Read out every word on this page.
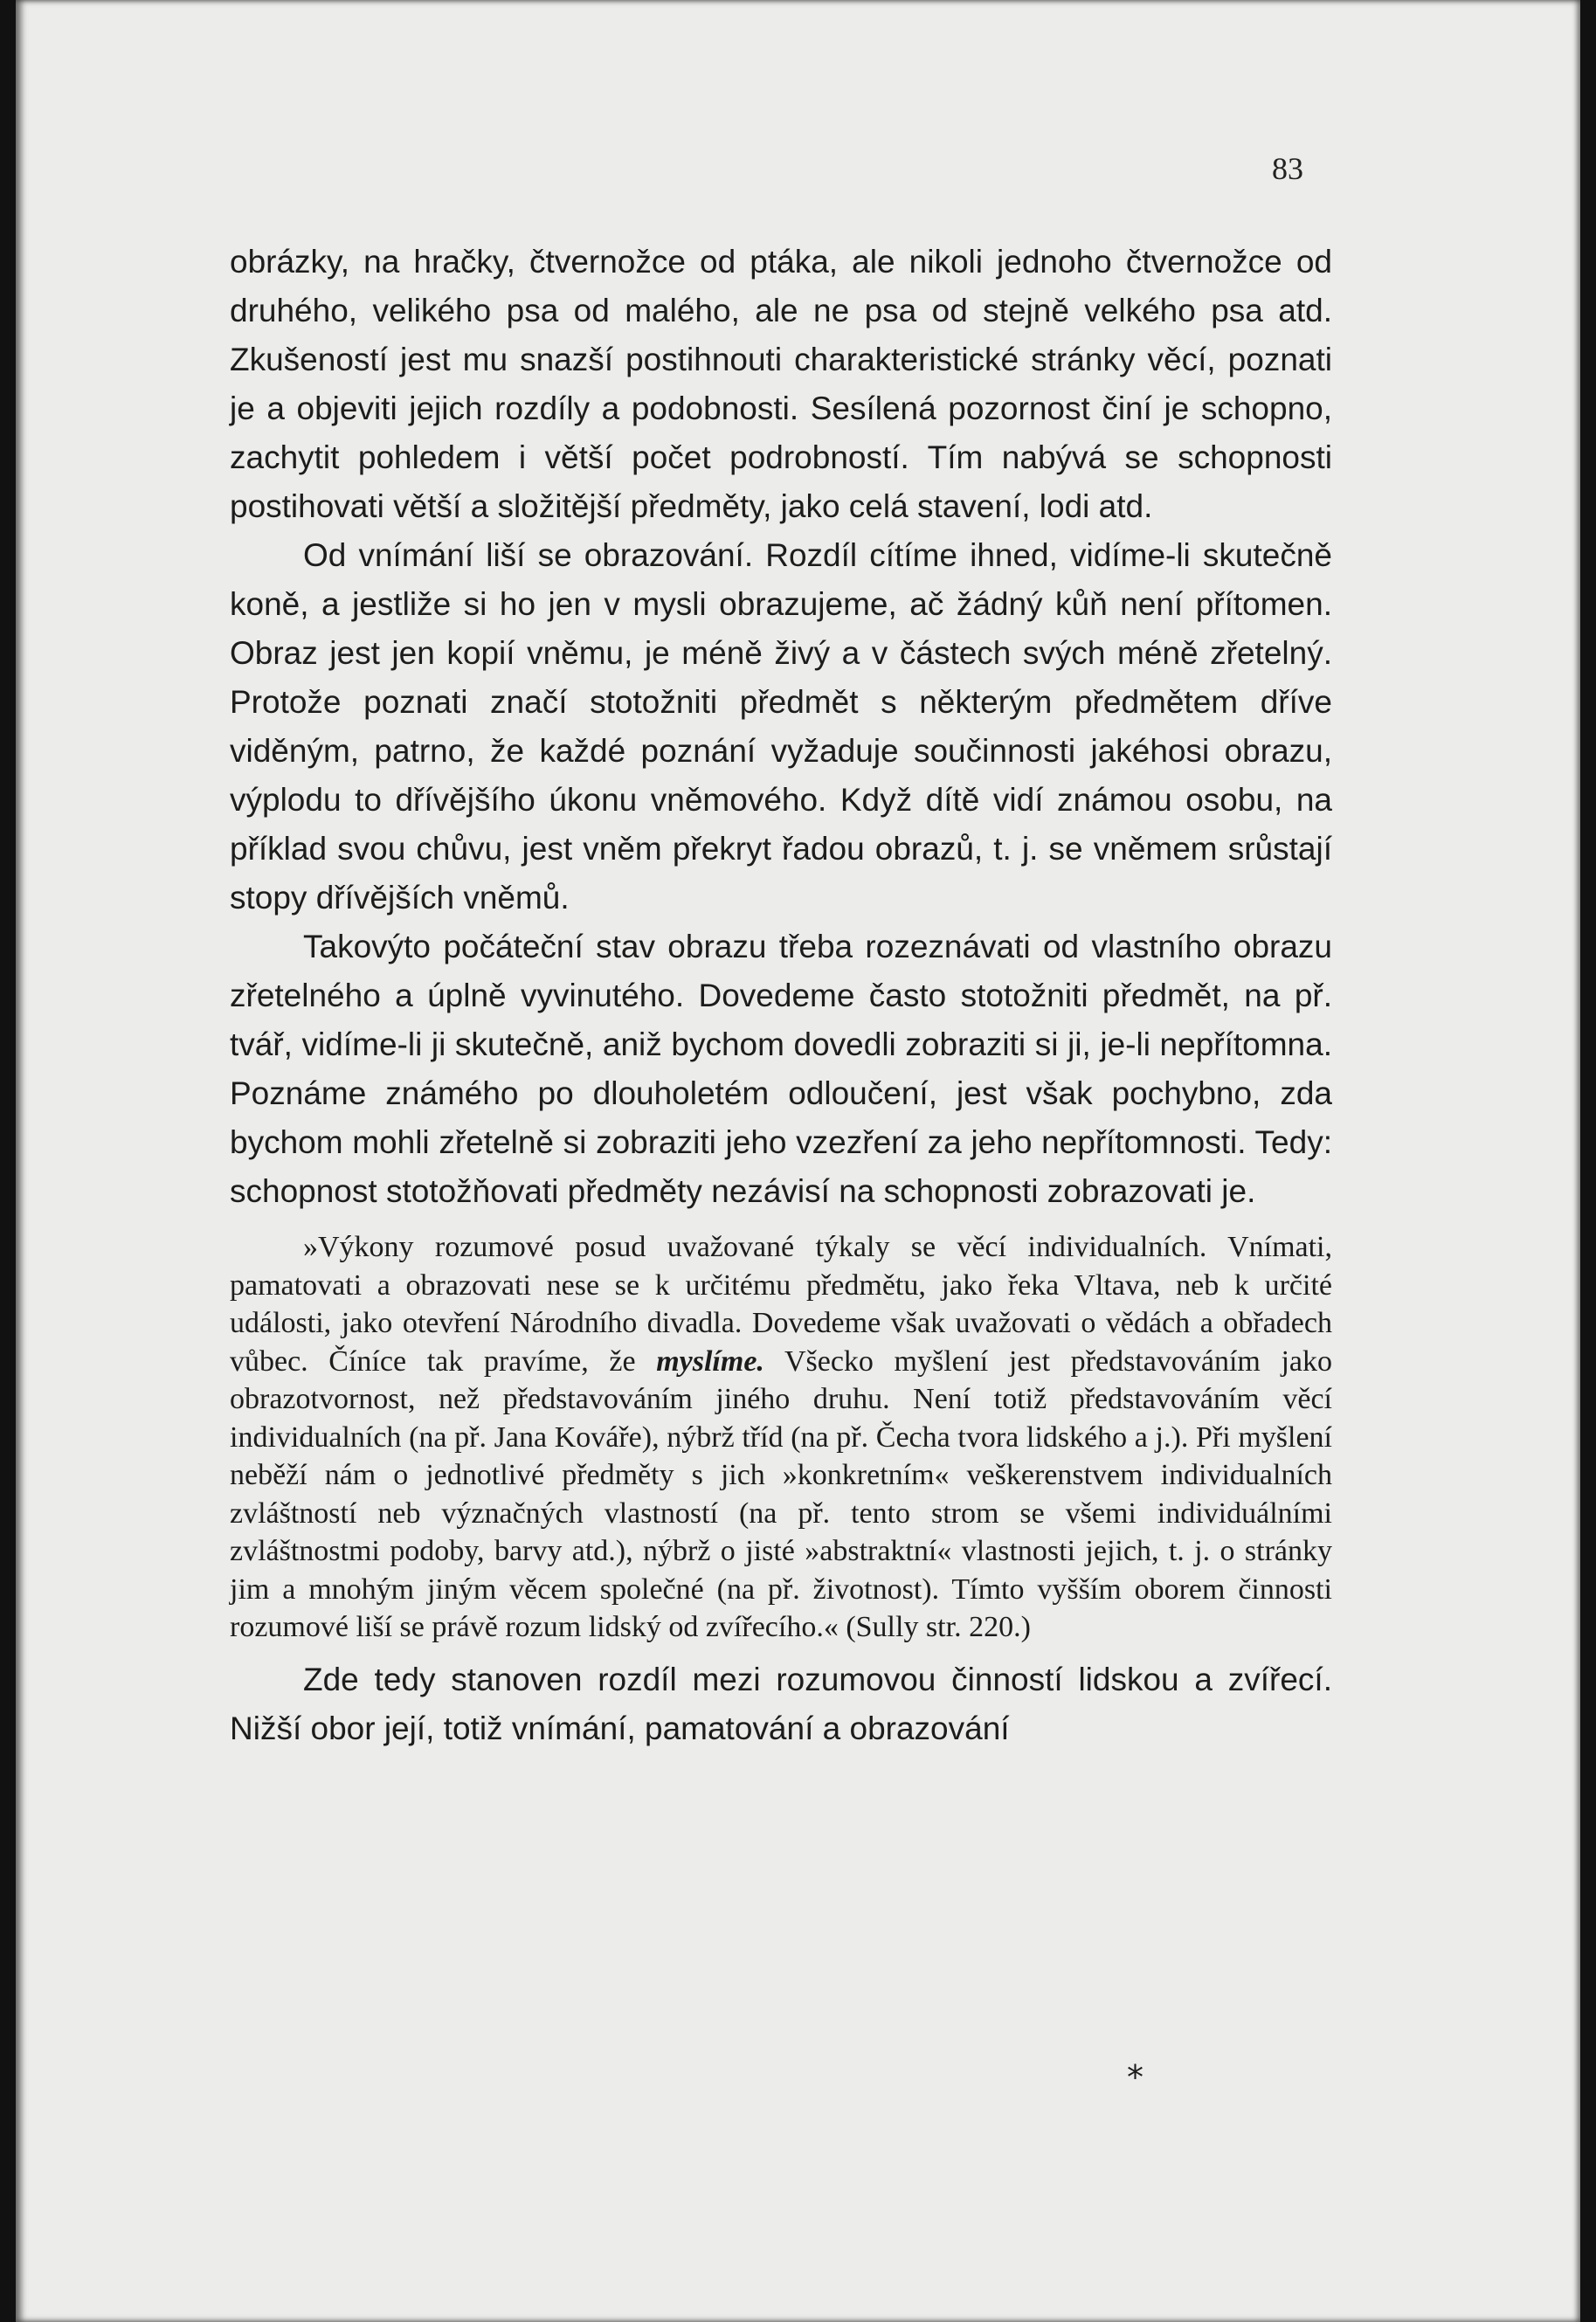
83

obrázky, na hračky, čtvernožce od ptáka, ale nikoli jednoho čtvernožce od druhého, velikého psa od malého, ale ne psa od stejně velkého psa atd. Zkušeností jest mu snazší postihnouti charakteristické stránky věcí, poznati je a objeviti jejich rozdíly a podobnosti. Sesílená pozornost činí je schopno, zachytit pohledem i větší počet podrobností. Tím nabývá se schopnosti postihovati větší a složitější předměty, jako celá stavení, lodi atd.

Od vnímání liší se obrazování. Rozdíl cítíme ihned, vidíme-li skutečně koně, a jestliže si ho jen v mysli obrazujeme, ač žádný kůň není přítomen. Obraz jest jen kopií vněmu, je méně živý a v částech svých méně zřetelný. Protože poznati značí stotožniti předmět s některým předmětem dříve viděným, patrno, že každé poznání vyžaduje součinnosti jakéhosi obrazu, výplodu to dřívějšího úkonu vněmového. Když dítě vidí známou osobu, na příklad svou chůvu, jest vněm překryt řadou obrazů, t. j. se vněmem srůstají stopy dřívějších vněmů.

Takovýto počáteční stav obrazu třeba rozeznávati od vlastního obrazu zřetelného a úplně vyvinutého. Dovedeme často stotožniti předmět, na př. tvář, vidíme-li ji skutečně, aniž bychom dovedli zobraziti si ji, je-li nepřítomna. Poznáme známého po dlouholetém odloučení, jest však pochybno, zda bychom mohli zřetelně si zobraziti jeho vzezření za jeho nepřítomnosti. Tedy: schopnost stotožňovati předměty nezávisí na schopnosti zobrazovati je.

»Výkony rozumové posud uvažované týkaly se věcí individualních. Vnímati, pamatovati a obrazovati nese se k určitému předmětu, jako řeka Vltava, neb k určité události, jako otevření Národního divadla. Dovedeme však uvažovati o vědách a obřadech vůbec. Číníce tak pravíme, že myslíme. Všecko myšlení jest představováním jako obrazotvornost, než představováním jiného druhu. Není totiž představováním věcí individualních (na př. Jana Kováře), nýbrž tříd (na př. Čecha tvora lidského a j.). Při myšlení neběží nám o jednotlivé předměty s jich »konkretním« veškerenstvem individualních zvláštností neb význačných vlastností (na př. tento strom se všemi individuálními zvláštnostmi podoby, barvy atd.), nýbrž o jisté »abstraktní« vlastnosti jejich, t. j. o stránky jim a mnohým jiným věcem společné (na př. životnost). Tímto vyšším oborem činnosti rozumové liší se právě rozum lidský od zvířecího.« (Sully str. 220.)

Zde tedy stanoven rozdíl mezi rozumovou činností lidskou a zvířecí. Nižší obor její, totiž vnímání, pamatování a obrazování

*
